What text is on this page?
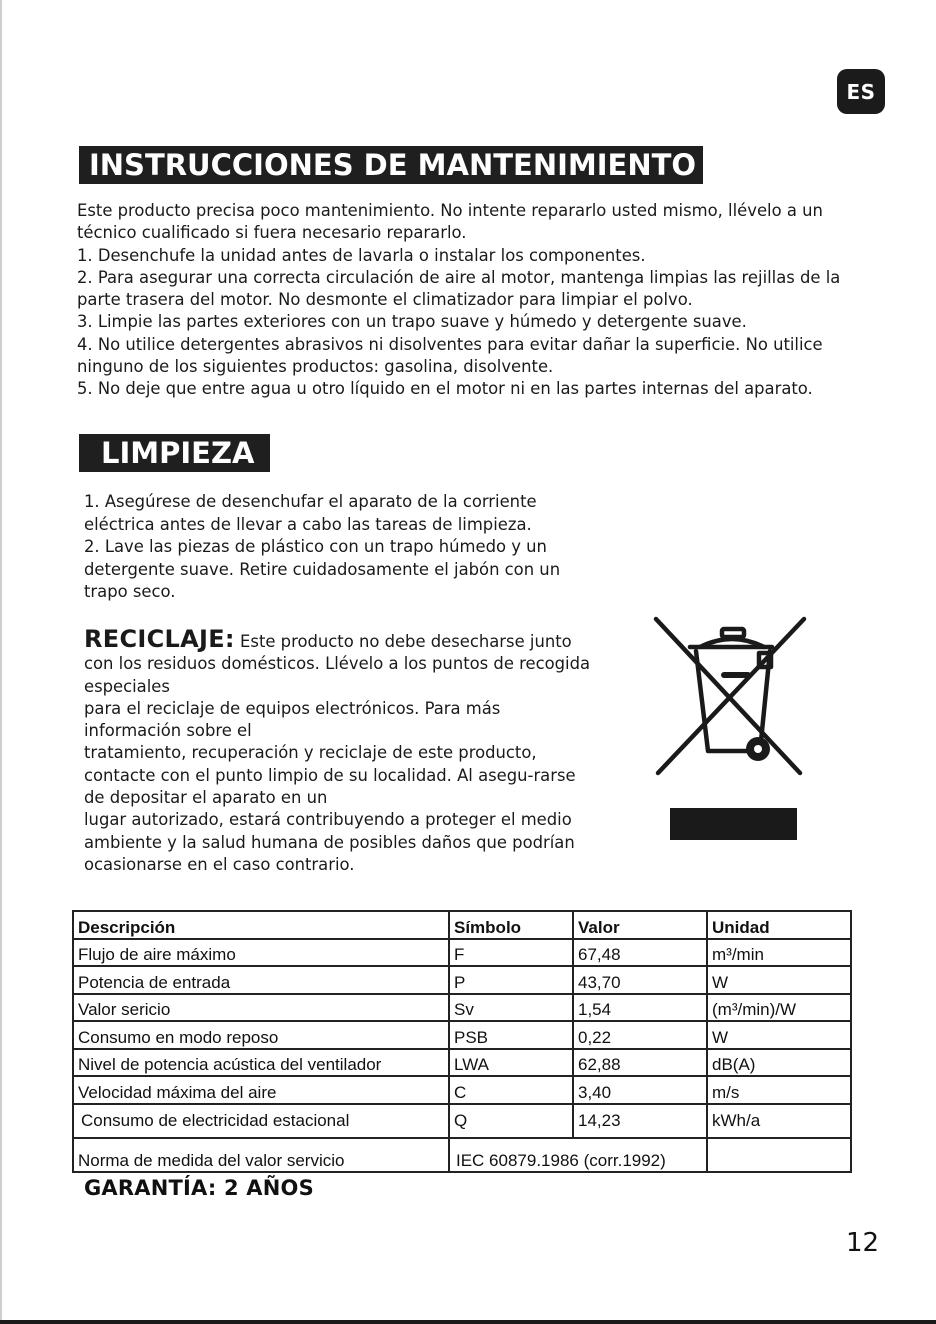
ES
INSTRUCCIONES DE MANTENIMIENTO

Este producto precisa poco mantenimiento. No intente repararlo usted mismo, llévelo a un técnico cualificado si fuera necesario repararlo.

1. Desenchufe la unidad antes de lavarla o instalar los componentes.

2. Para asegurar una correcta circulación de aire al motor, mantenga limpias las rejillas de la parte trasera del motor. No desmonte el climatizador para limpiar el polvo.

3. Limpie las partes exteriores con un trapo suave y húmedo y detergente suave.

4. No utilice detergentes abrasivos ni disolventes para evitar dañar la superficie. No utilice ninguno de los siguientes productos: gasolina, disolvente.

5. No deje que entre agua u otro líquido en el motor ni en las partes internas del aparato.

LIMPIEZA

1. Asegúrese de desenchufar el aparato de la corriente eléctrica antes de llevar a cabo las tareas de limpieza.

2. Lave las piezas de plástico con un trapo húmedo y un detergente suave. Retire cuidadosamente el jabón con un trapo seco.

RECICLAJE: Este producto no debe desecharse junto con los residuos domésticos. Llévelo a los puntos de recogida especiales

para el reciclaje de equipos electrónicos. Para más información sobre el

tratamiento, recuperación y reciclaje de este producto, contacte con el punto limpio de su localidad. Al asegu-rarse de depositar el aparato en un

lugar autorizado, estará contribuyendo a proteger el medio ambiente y la salud humana de posibles daños que podrían ocasionarse en el caso contrario.

Descripción	Símbolo	Valor	Unidad
Flujo de aire máximo	F	67,48	m³/min
Potencia de entrada	P	43,70	W
Valor sericio	Sv	1,54	(m³/min)/W
Consumo en modo reposo	PSB	0,22	W
Nivel de potencia acústica del ventilador	LWA	62,88	dB(A)
Velocidad máxima del aire	C	3,40	m/s
Consumo de electricidad estacional	Q	14,23	kWh/a
Norma de medida del valor servicio	IEC 60879.1986 (corr.1992)		
GARANTÍA: 2 AÑOS
12
